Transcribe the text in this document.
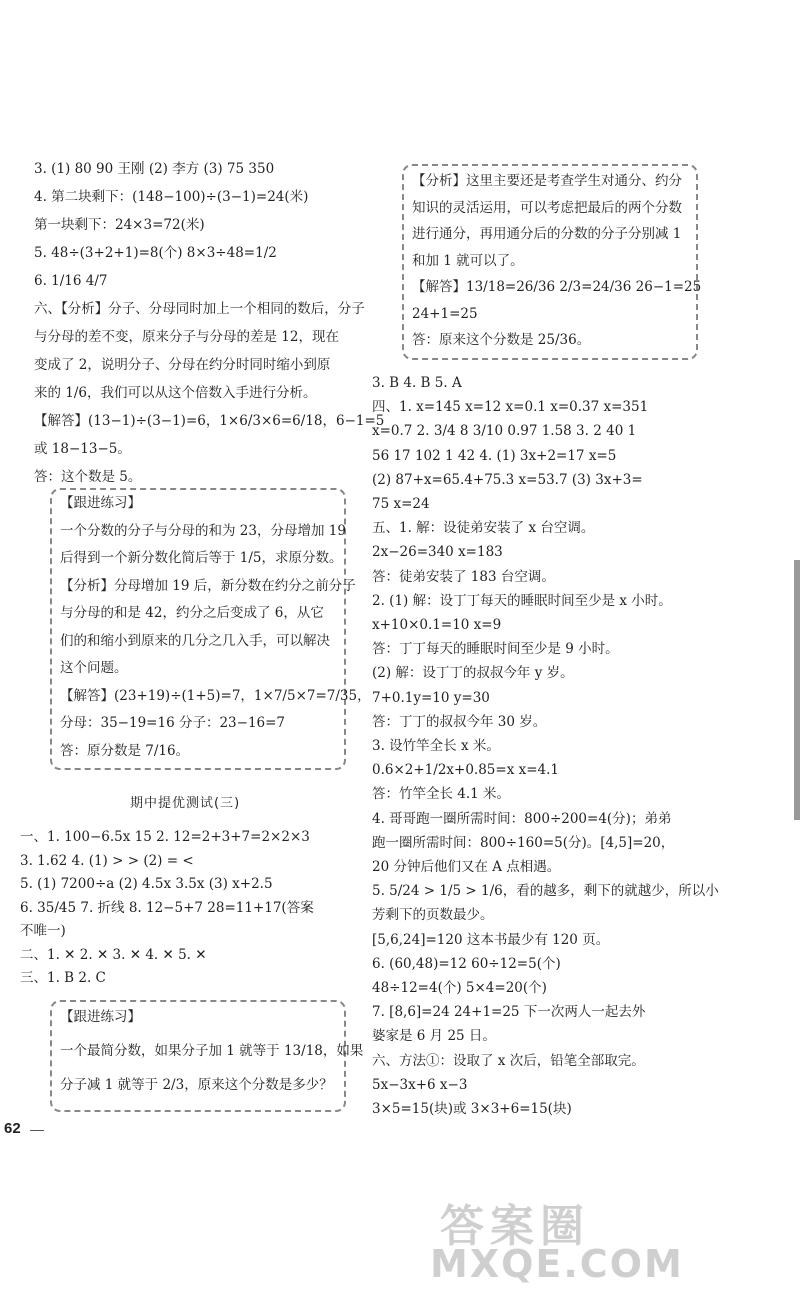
期中提优测试(三)
62
答案圈
MXQE.COM
3. (1) 80 90 王刚 (2) 李方 (3) 75 350
4. 第二块剩下：(148−100)÷(3−1)=24(米)
第一块剩下：24×3=72(米)
5. 48÷(3+2+1)=8(个) 8×3÷48=1/2
6. 1/16 4/7
六、【分析】分子、分母同时加上一个相同的数后，分子
与分母的差不变，原来分子与分母的差是 12，现在
变成了 2，说明分子、分母在约分时同时缩小到原
来的 1/6，我们可以从这个倍数入手进行分析。
【解答】(13−1)÷(3−1)=6，1×6/3×6=6/18，6−1=5
或 18−13−5。
答：这个数是 5。
【跟进练习】
一个分数的分子与分母的和为 23，分母增加 19
后得到一个新分数化简后等于 1/5，求原分数。
【分析】分母增加 19 后，新分数在约分之前分子
与分母的和是 42，约分之后变成了 6，从它
们的和缩小到原来的几分之几入手，可以解决
这个问题。
【解答】(23+19)÷(1+5)=7，1×7/5×7=7/35，
分母：35−19=16 分子：23−16=7
答：原分数是 7/16。
一、1. 100−6.5x 15 2. 12=2+3+7=2×2×3
3. 1.62 4. (1) > > (2) = <
5. (1) 7200÷a (2) 4.5x 3.5x (3) x+2.5
6. 35/45 7. 折线 8. 12−5+7 28=11+17(答案
不唯一)
二、1. ✕ 2. ✕ 3. ✕ 4. ✕ 5. ✕
三、1. B 2. C
【跟进练习】
一个最简分数，如果分子加 1 就等于 13/18，如果
分子减 1 就等于 2/3，原来这个分数是多少？
【分析】这里主要还是考查学生对通分、约分
知识的灵活运用，可以考虑把最后的两个分数
进行通分，再用通分后的分数的分子分别减 1
和加 1 就可以了。
【解答】13/18=26/36 2/3=24/36 26−1=25
24+1=25
答：原来这个分数是 25/36。
3. B 4. B 5. A
四、1. x=145 x=12 x=0.1 x=0.37 x=351
x=0.7 2. 3/4 8 3/10 0.97 1.58 3. 2 40 1
56 17 102 1 42 4. (1) 3x+2=17 x=5
(2) 87+x=65.4+75.3 x=53.7 (3) 3x+3=
75 x=24
五、1. 解：设徒弟安装了 x 台空调。
2x−26=340 x=183
答：徒弟安装了 183 台空调。
2. (1) 解：设丁丁每天的睡眠时间至少是 x 小时。
x+10×0.1=10 x=9
答：丁丁每天的睡眠时间至少是 9 小时。
(2) 解：设丁丁的叔叔今年 y 岁。
7+0.1y=10 y=30
答：丁丁的叔叔今年 30 岁。
3. 设竹竿全长 x 米。
0.6×2+1/2x+0.85=x x=4.1
答：竹竿全长 4.1 米。
4. 哥哥跑一圈所需时间：800÷200=4(分)；弟弟
跑一圈所需时间：800÷160=5(分)。[4,5]=20，
20 分钟后他们又在 A 点相遇。
5. 5/24 > 1/5 > 1/6，看的越多，剩下的就越少，所以小
芳剩下的页数最少。
[5,6,24]=120 这本书最少有 120 页。
6. (60,48)=12 60÷12=5(个)
48÷12=4(个) 5×4=20(个)
7. [8,6]=24 24+1=25 下一次两人一起去外
婆家是 6 月 25 日。
六、方法①：设取了 x 次后，铅笔全部取完。
5x−3x+6 x−3
3×5=15(块)或 3×3+6=15(块)
